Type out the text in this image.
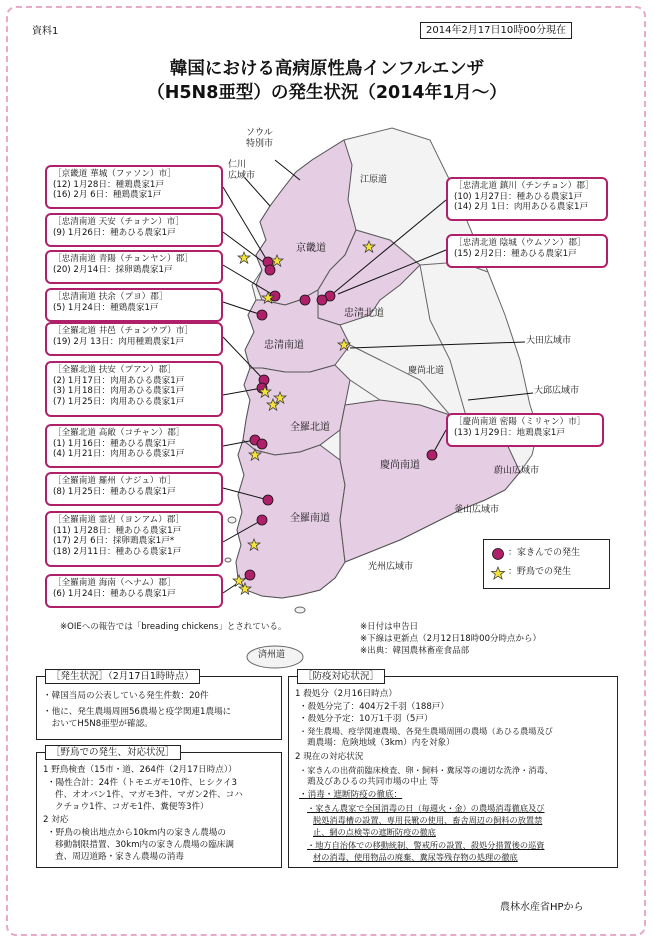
資料1	2014年2月17日10時00分現在
韓国における高病原性鳥インフルエンザ
（H5N8亜型）の発生状況（2014年1月〜）
ソウル
特別市
仁川
広域市	江原道
京畿道
忠清北道
忠清南道	大田広域市
慶尚北道
大邱広域市
全羅北道
慶尚南道	蔚山広域市
釜山広域市
全羅南道
光州広域市
済州道
［京畿道 華城（ファソン）市］
(12) 1月28日：種鶏農家1戸
(16) 2月 6日：種鶏農家1戸
［忠清南道 天安（チョナン）市］
(9) 1月26日：種あひる農家1戸
［忠清南道 青陽（チョンヤン）郡］
(20) 2月14日：採卵鶏農家1戸
［忠清南道 扶余（プヨ）郡］
(5) 1月24日：種鶏農家1戸
［全羅北道 井邑（チョンウプ）市］
(19) 2月 13日：肉用種鶏農家1戸
［全羅北道 扶安（プアン）郡］
(2) 1月17日：肉用あひる農家1戸
(3) 1月18日：肉用あひる農家1戸
(7) 1月25日：肉用あひる農家1戸
［全羅北道 高敞（コチャン）郡］
(1) 1月16日：種あひる農家1戸
(4) 1月21日：肉用あひる農家1戸
［全羅南道 羅州（ナジュ）市］
(8) 1月25日：種あひる農家1戸
［全羅南道 霊岩（ヨンアム）郡］
(11) 1月28日：種あひる農家1戸
(17) 2月 6日：採卵鶏農家1戸*
(18) 2月11日：種あひる農家1戸
［全羅南道 海南（ヘナム）郡］
(6) 1月24日：種あひる農家1戸
［忠清北道 鎮川（チンチョン）郡］
(10) 1月27日：種あひる農家1戸
(14) 2月 1日：肉用あひる農家1戸
［忠清北道 陰城（ウムソン）郡］
(15) 2月2日：種あひる農家1戸
［慶尚南道 密陽（ミリャン）市］
(13) 1月29日：地鶏農家1戸
：家きんでの発生
：野鳥での発生
※OIEへの報告では「breading chickens」とされている。	※日付は申告日
※下線は更新点（2月12日18時00分時点から）
※出典：韓国農林畜産食品部
［発生状況］（2月17日1時時点）
・韓国当局の公表している発生件数：20件
・他に、発生農場周囲56農場と疫学関連1農場に
　おいてH5N8亜型が確認。
［野鳥での発生、対応状況］
1 野鳥検査（15市・道、264件（2月17日時点））
・陽性合計：24件（トモエガモ10件、ヒシクイ3
件、オオバン1件、マガモ3件、マガン2件、コハ
クチョウ1件、コガモ1件、糞便等3件）
2 対応
・野鳥の検出地点から10km内の家きん農場の
移動制限措置、30km内の家きん農場の臨床調
査、周辺道路・家きん農場の消毒
［防疫対応状況］
1 殺処分（2月16日時点）
・殺処分完了：404万2千羽（188戸）
・殺処分予定：10万1千羽（5戸）
・発生農場、疫学関連農場、各発生農場周囲の農場（あひる農場及び
鶏農場：危険地域（3km）内を対象）
2 現在の対応状況
・家きんの出荷前臨床検査、卵・飼料・糞尿等の適切な洗浄・消毒、
鶏及びあひるの共同市場の中止 等
・消毒・遮断防疫の徹底：
・家きん農家で全国消毒の日（毎週火・金）の農場消毒徹底及び
脱処消毒槽の設置、専用長靴の使用、畜舎周辺の飼料の放置禁
止、網の点検等の遮断防疫の徹底
・地方自治体での移動統制、警戒所の設置、殺処分措置後の巡資
材の消毒、使用物品の廃棄、糞尿等残存物の処理の徹底
農林水産省HPから
